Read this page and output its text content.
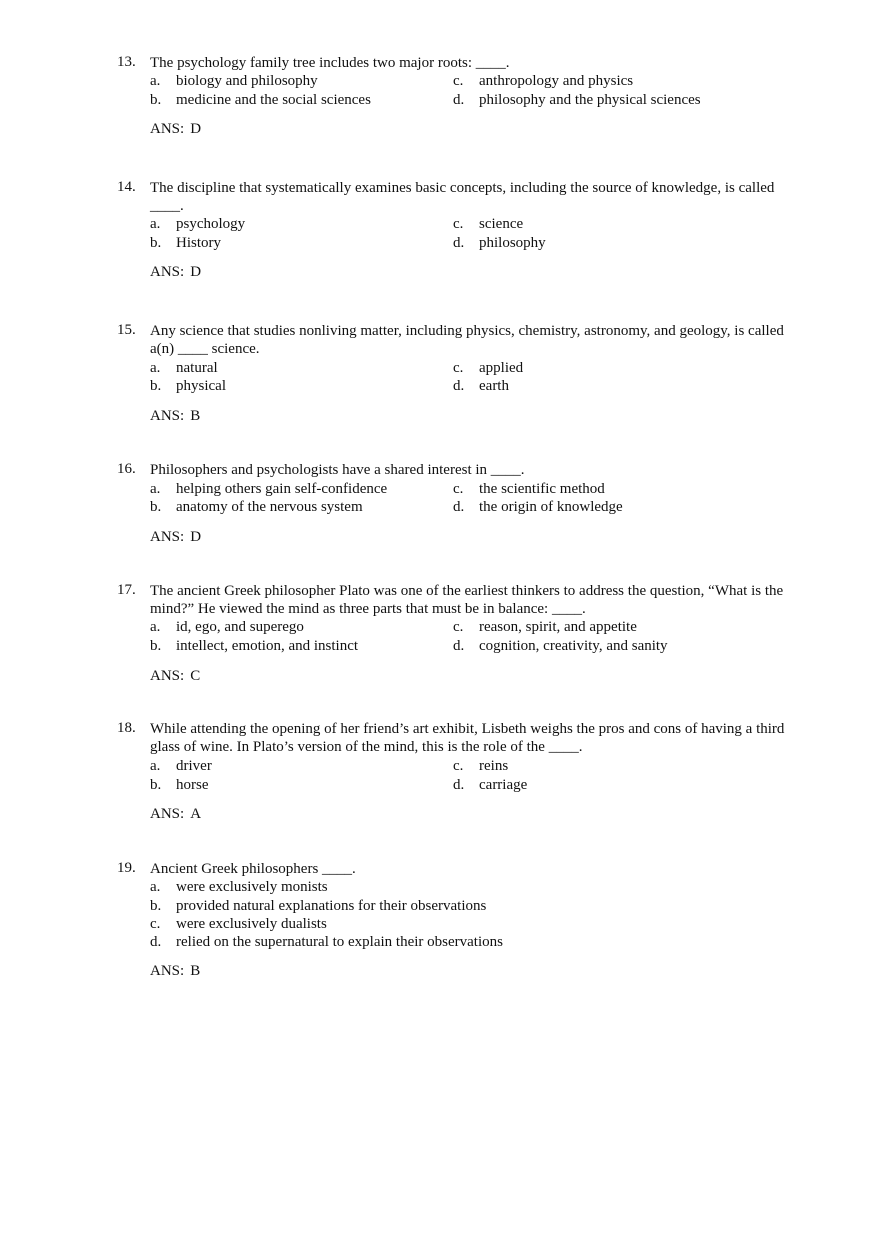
13. The psychology family tree includes two major roots: ____.
a. biology and philosophy
b. medicine and the social sciences
c. anthropology and physics
d. philosophy and the physical sciences
ANS: D
14. The discipline that systematically examines basic concepts, including the source of knowledge, is called ____.
a. psychology
b. History
c. science
d. philosophy
ANS: D
15. Any science that studies nonliving matter, including physics, chemistry, astronomy, and geology, is called a(n) ____ science.
a. natural
b. physical
c. applied
d. earth
ANS: B
16. Philosophers and psychologists have a shared interest in ____.
a. helping others gain self-confidence
b. anatomy of the nervous system
c. the scientific method
d. the origin of knowledge
ANS: D
17. The ancient Greek philosopher Plato was one of the earliest thinkers to address the question, “What is the mind?” He viewed the mind as three parts that must be in balance: ____.
a. id, ego, and superego
b. intellect, emotion, and instinct
c. reason, spirit, and appetite
d. cognition, creativity, and sanity
ANS: C
18. While attending the opening of her friend’s art exhibit, Lisbeth weighs the pros and cons of having a third glass of wine. In Plato’s version of the mind, this is the role of the ____.
a. driver
b. horse
c. reins
d. carriage
ANS: A
19. Ancient Greek philosophers ____.
a. were exclusively monists
b. provided natural explanations for their observations
c. were exclusively dualists
d. relied on the supernatural to explain their observations
ANS: B
